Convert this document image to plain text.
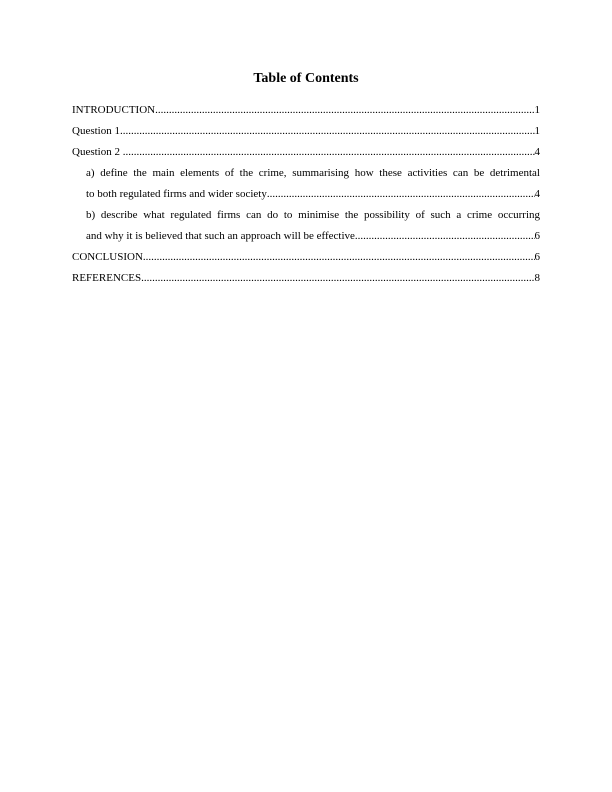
Table of Contents
INTRODUCTION .....	1
Question 1 .....	1
Question 2 .....	4
a) define the main elements of the crime, summarising how these activities can be detrimental
to both regulated firms and wider society .....	4
b) describe what regulated firms can do to minimise the possibility of such a crime occurring
and why it is believed that such an approach will be effective .....	6
CONCLUSION .....	6
REFERENCES .....	8
